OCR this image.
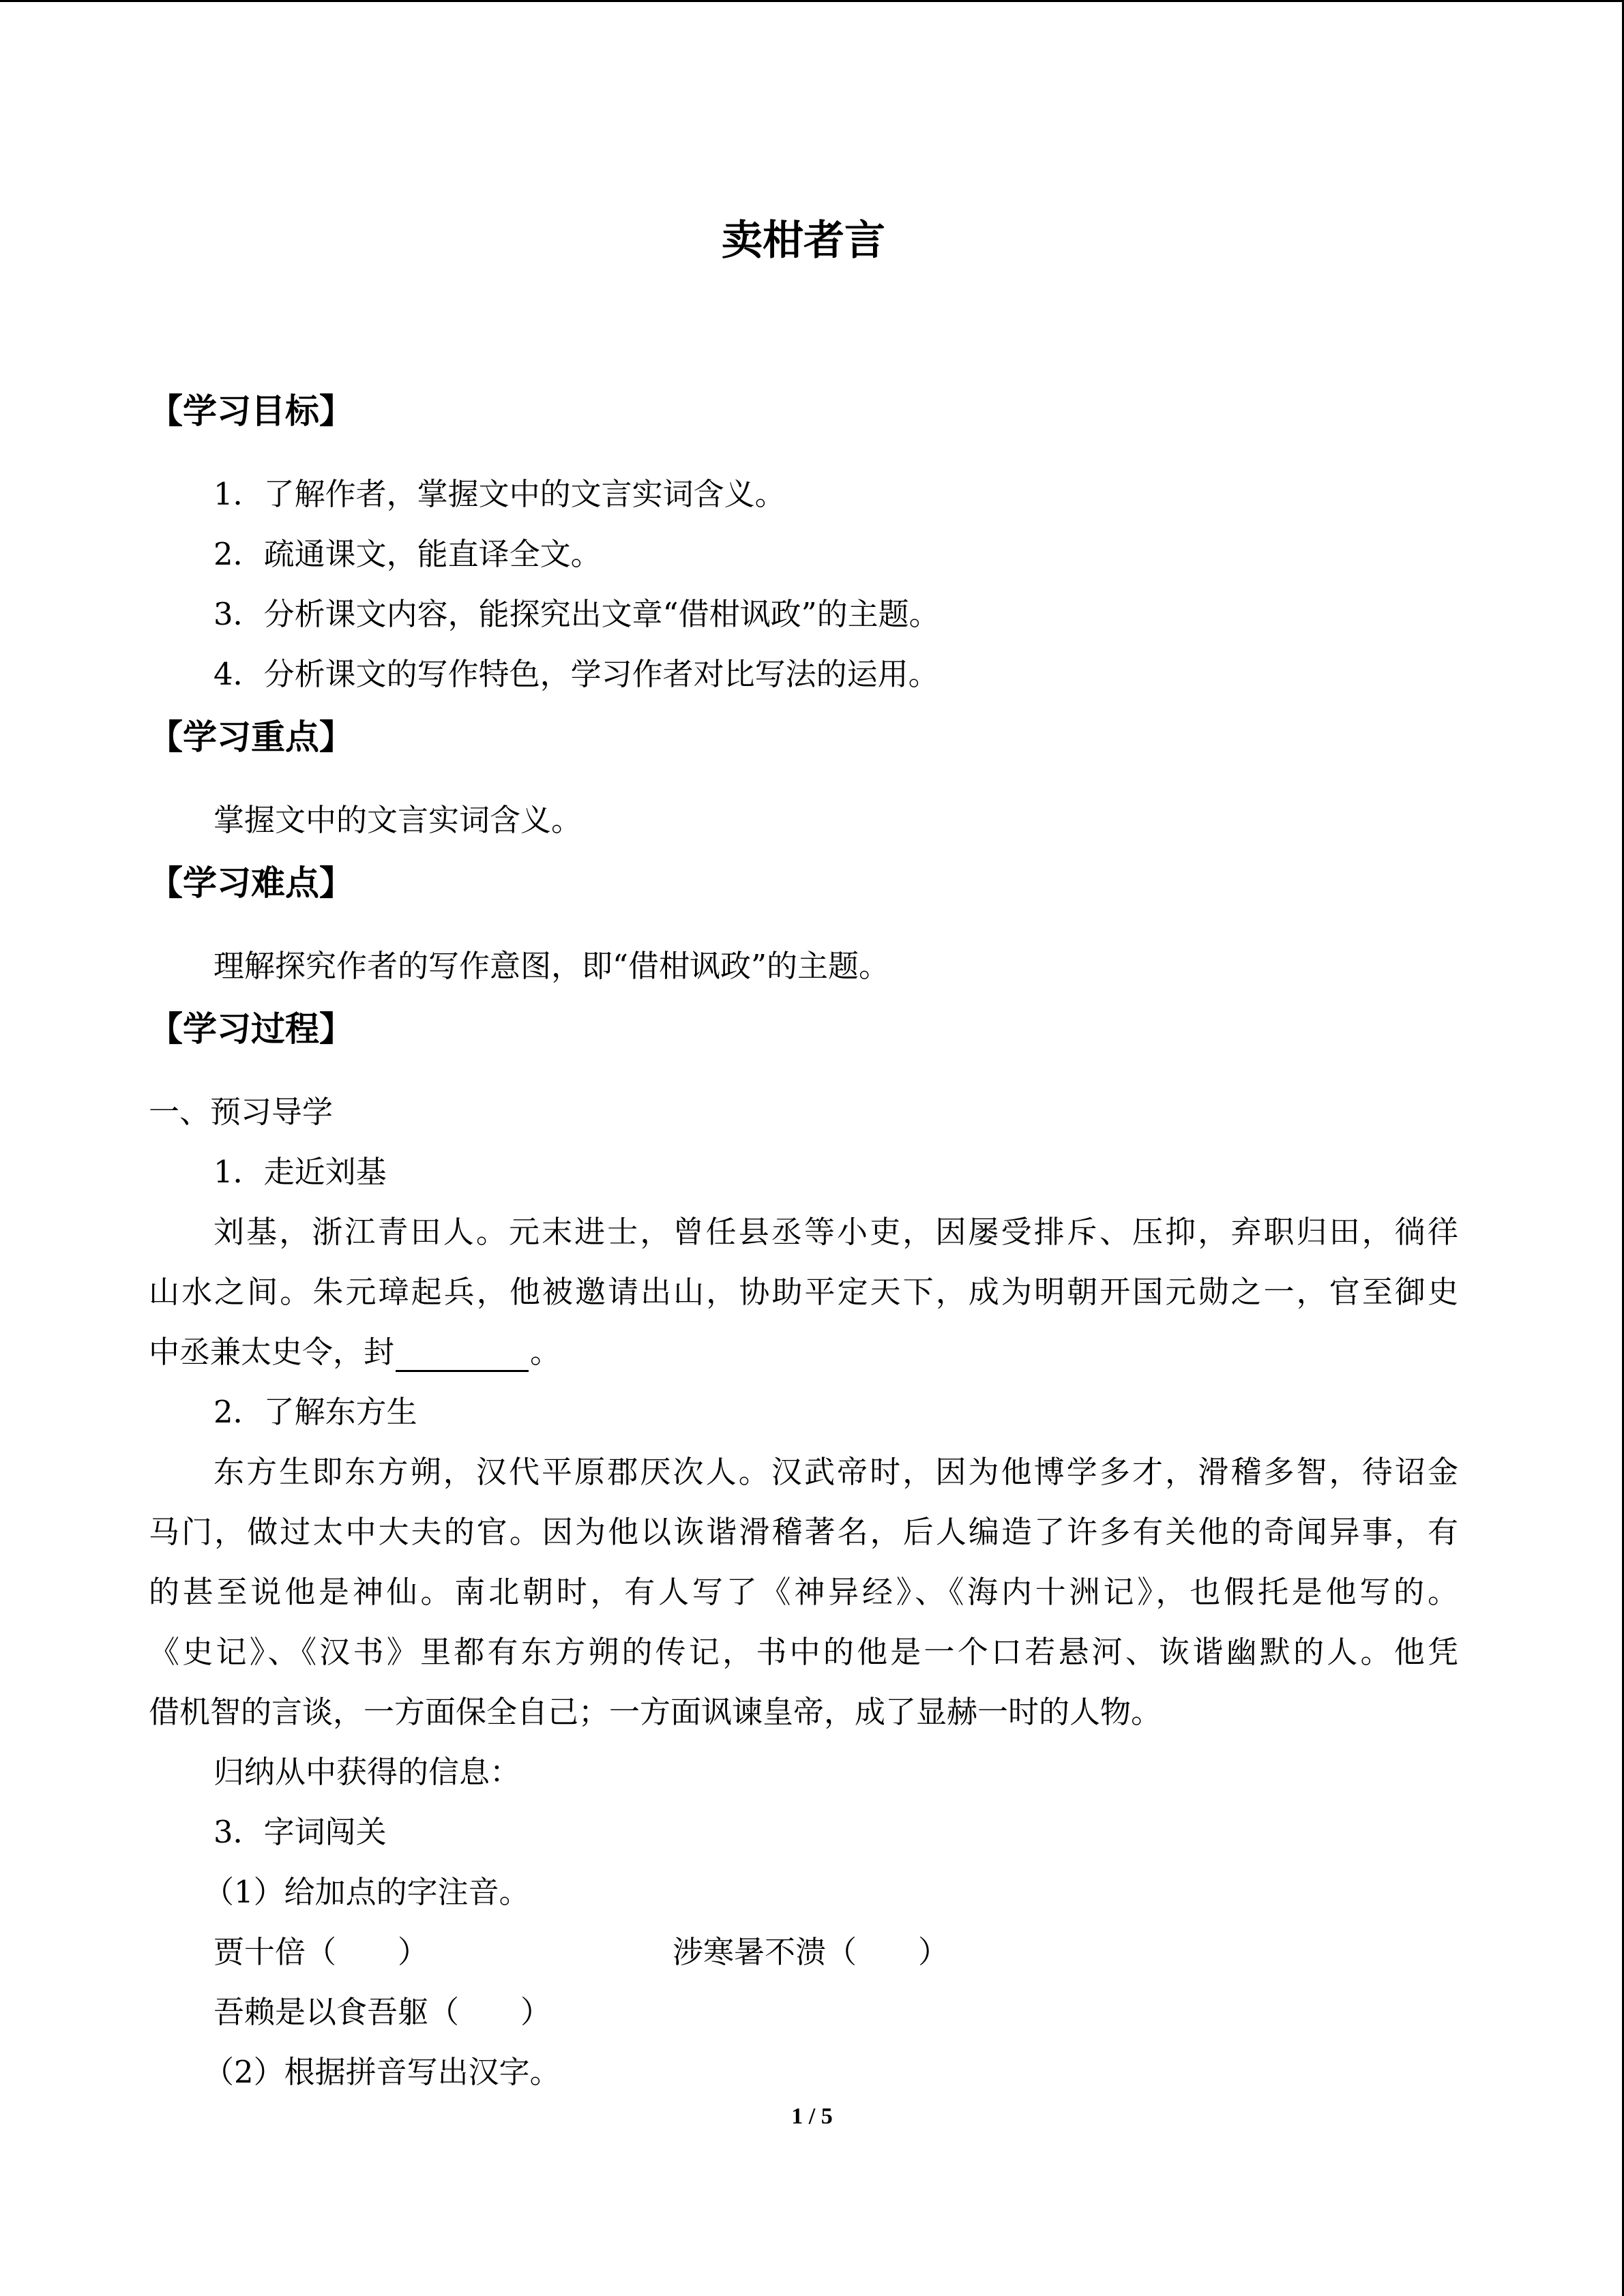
卖柑者言
【学习目标】
1．了解作者，掌握文中的文言实词含义。
2．疏通课文，能直译全文。
3．分析课文内容，能探究出文章“借柑讽政”的主题。
4．分析课文的写作特色，学习作者对比写法的运用。
【学习重点】
掌握文中的文言实词含义。
【学习难点】
理解探究作者的写作意图，即“借柑讽政”的主题。
【学习过程】
一、预习导学
1．走近刘基
刘基，浙江青田人。元末进士，曾任县丞等小吏，因屡受排斥、压抑，弃职归田，徜徉
山水之间。朱元璋起兵，他被邀请出山，协助平定天下，成为明朝开国元勋之一，官至御史
中丞兼太史令，封	。
2．了解东方生
东方生即东方朔，汉代平原郡厌次人。汉武帝时，因为他博学多才，滑稽多智，待诏金
马门，做过太中大夫的官。因为他以诙谐滑稽著名，后人编造了许多有关他的奇闻异事，有
的甚至说他是神仙。南北朝时，有人写了《神异经》、《海内十洲记》，也假托是他写的。
《史记》、《汉书》里都有东方朔的传记，书中的他是一个口若悬河、诙谐幽默的人。他凭
借机智的言谈，一方面保全自己；一方面讽谏皇帝，成了显赫一时的人物。
归纳从中获得的信息：
3．字词闯关
（1）给加点的字注音。
贾十倍（　　）	涉寒暑不溃（　　）
吾赖是以食吾躯（　　）
（2）根据拼音写出汉字。
1 / 5
